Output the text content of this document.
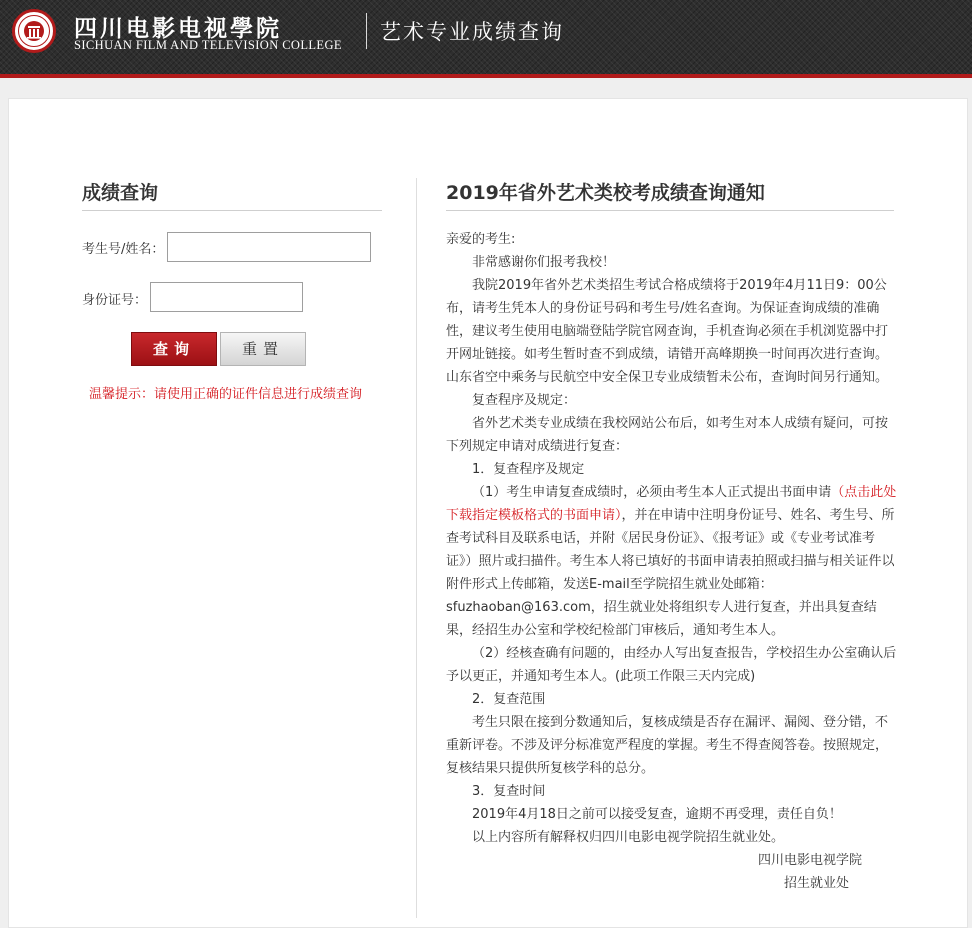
四川电影电视學院
SICHUAN FILM AND TELEVISION COLLEGE
艺术专业成绩查询
成绩查询
考生号/姓名：
身份证号：
查询	重置
温馨提示：请使用正确的证件信息进行成绩查询
2019年省外艺术类校考成绩查询通知

亲爱的考生:

非常感谢你们报考我校！

我院2019年省外艺术类招生考试合格成绩将于2019年4月11日9：00公布，请考生凭本人的身份证号码和考生号/姓名查询。为保证查询成绩的准确性，建议考生使用电脑端登陆学院官网查询，手机查询必须在手机浏览器中打开网址链接。如考生暂时查不到成绩，请错开高峰期换一时间再次进行查询。山东省空中乘务与民航空中安全保卫专业成绩暂未公布，查询时间另行通知。

复查程序及规定：

省外艺术类专业成绩在我校网站公布后，如考生对本人成绩有疑问，可按下列规定申请对成绩进行复查：

1．复查程序及规定

（1）考生申请复查成绩时，必须由考生本人正式提出书面申请（点击此处下载指定模板格式的书面申请），并在申请中注明身份证号、姓名、考生号、所查考试科目及联系电话，并附《居民身份证》、《报考证》或《专业考试准考证》）照片或扫描件。考生本人将已填好的书面申请表拍照或扫描与相关证件以附件形式上传邮箱，发送E-mail至学院招生就业处邮箱：sfuzhaoban@163.com，招生就业处将组织专人进行复查，并出具复查结果，经招生办公室和学校纪检部门审核后，通知考生本人。

（2）经核查确有问题的，由经办人写出复查报告，学校招生办公室确认后予以更正，并通知考生本人。(此项工作限三天内完成)

2．复查范围

考生只限在接到分数通知后，复核成绩是否存在漏评、漏阅、登分错，不重新评卷。不涉及评分标准宽严程度的掌握。考生不得查阅答卷。按照规定，复核结果只提供所复核学科的总分。

3．复查时间

2019年4月18日之前可以接受复查，逾期不再受理，责任自负！

以上内容所有解释权归四川电影电视学院招生就业处。

四川电影电视学院

招生就业处
